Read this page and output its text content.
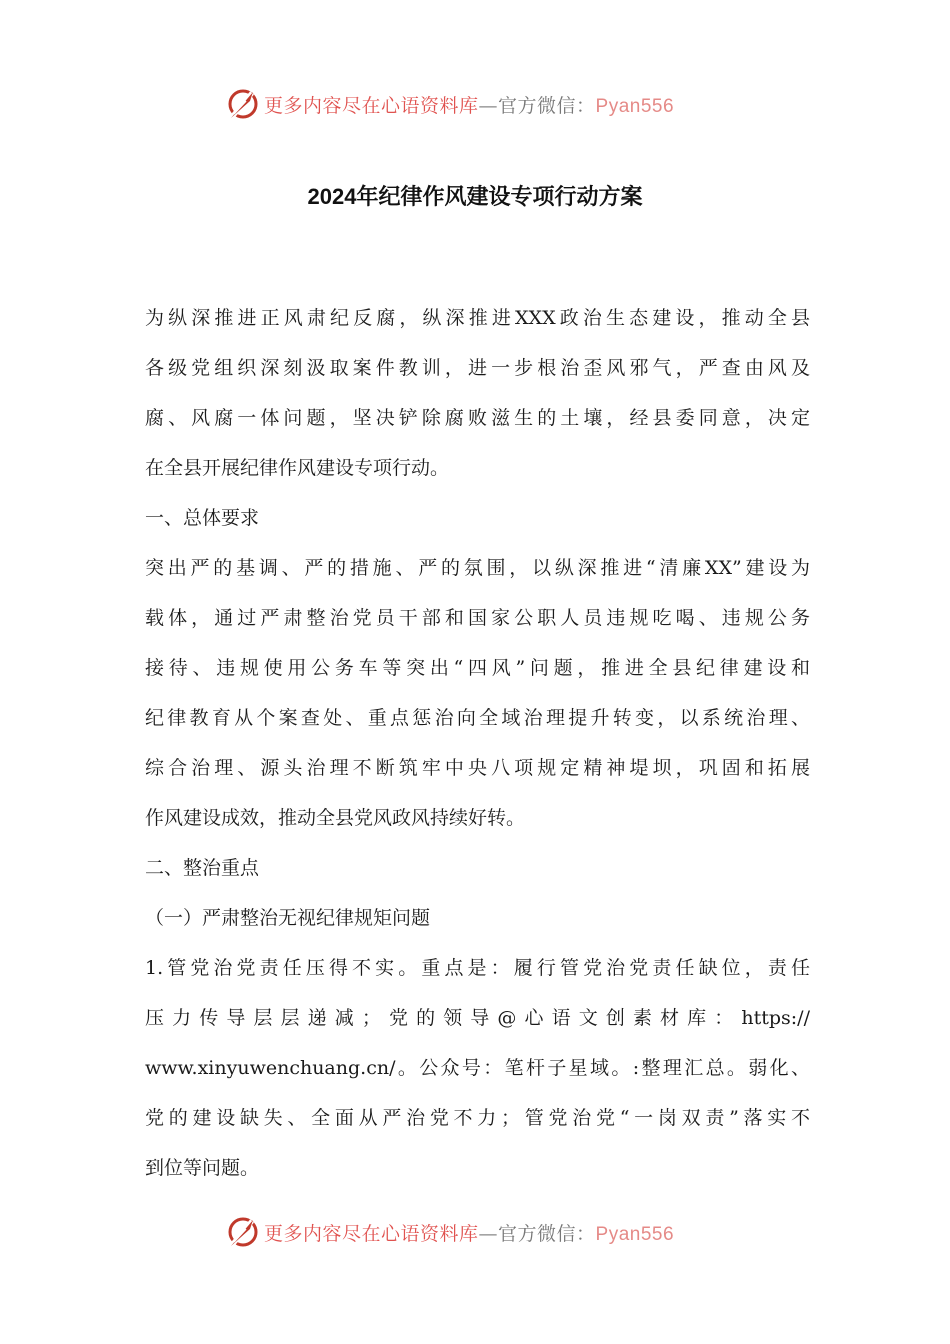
更多内容尽在心语资料库—官方微信：Pyan556
2024年纪律作风建设专项行动方案
为纵深推进正风肃纪反腐，纵深推进XXX政治生态建设，推动全县
各级党组织深刻汲取案件教训，进一步根治歪风邪气，严查由风及
腐、风腐一体问题，坚决铲除腐败滋生的土壤，经县委同意，决定
在全县开展纪律作风建设专项行动。
一、总体要求
突出严的基调、严的措施、严的氛围，以纵深推进“清廉XX”建设为
载体，通过严肃整治党员干部和国家公职人员违规吃喝、违规公务
接待、违规使用公务车等突出“四风”问题，推进全县纪律建设和
纪律教育从个案查处、重点惩治向全域治理提升转变，以系统治理、
综合治理、源头治理不断筑牢中央八项规定精神堤坝，巩固和拓展
作风建设成效，推动全县党风政风持续好转。
二、整治重点
（一）严肃整治无视纪律规矩问题
1.管党治党责任压得不实。重点是：履行管党治党责任缺位，责任
压力传导层层递减；党的领导@心语文创素材库：https://
www.xinyuwenchuang.cn/。公众号：笔杆子星域。:整理汇总。弱化、
党的建设缺失、全面从严治党不力；管党治党“一岗双责”落实不
到位等问题。
更多内容尽在心语资料库—官方微信：Pyan556
